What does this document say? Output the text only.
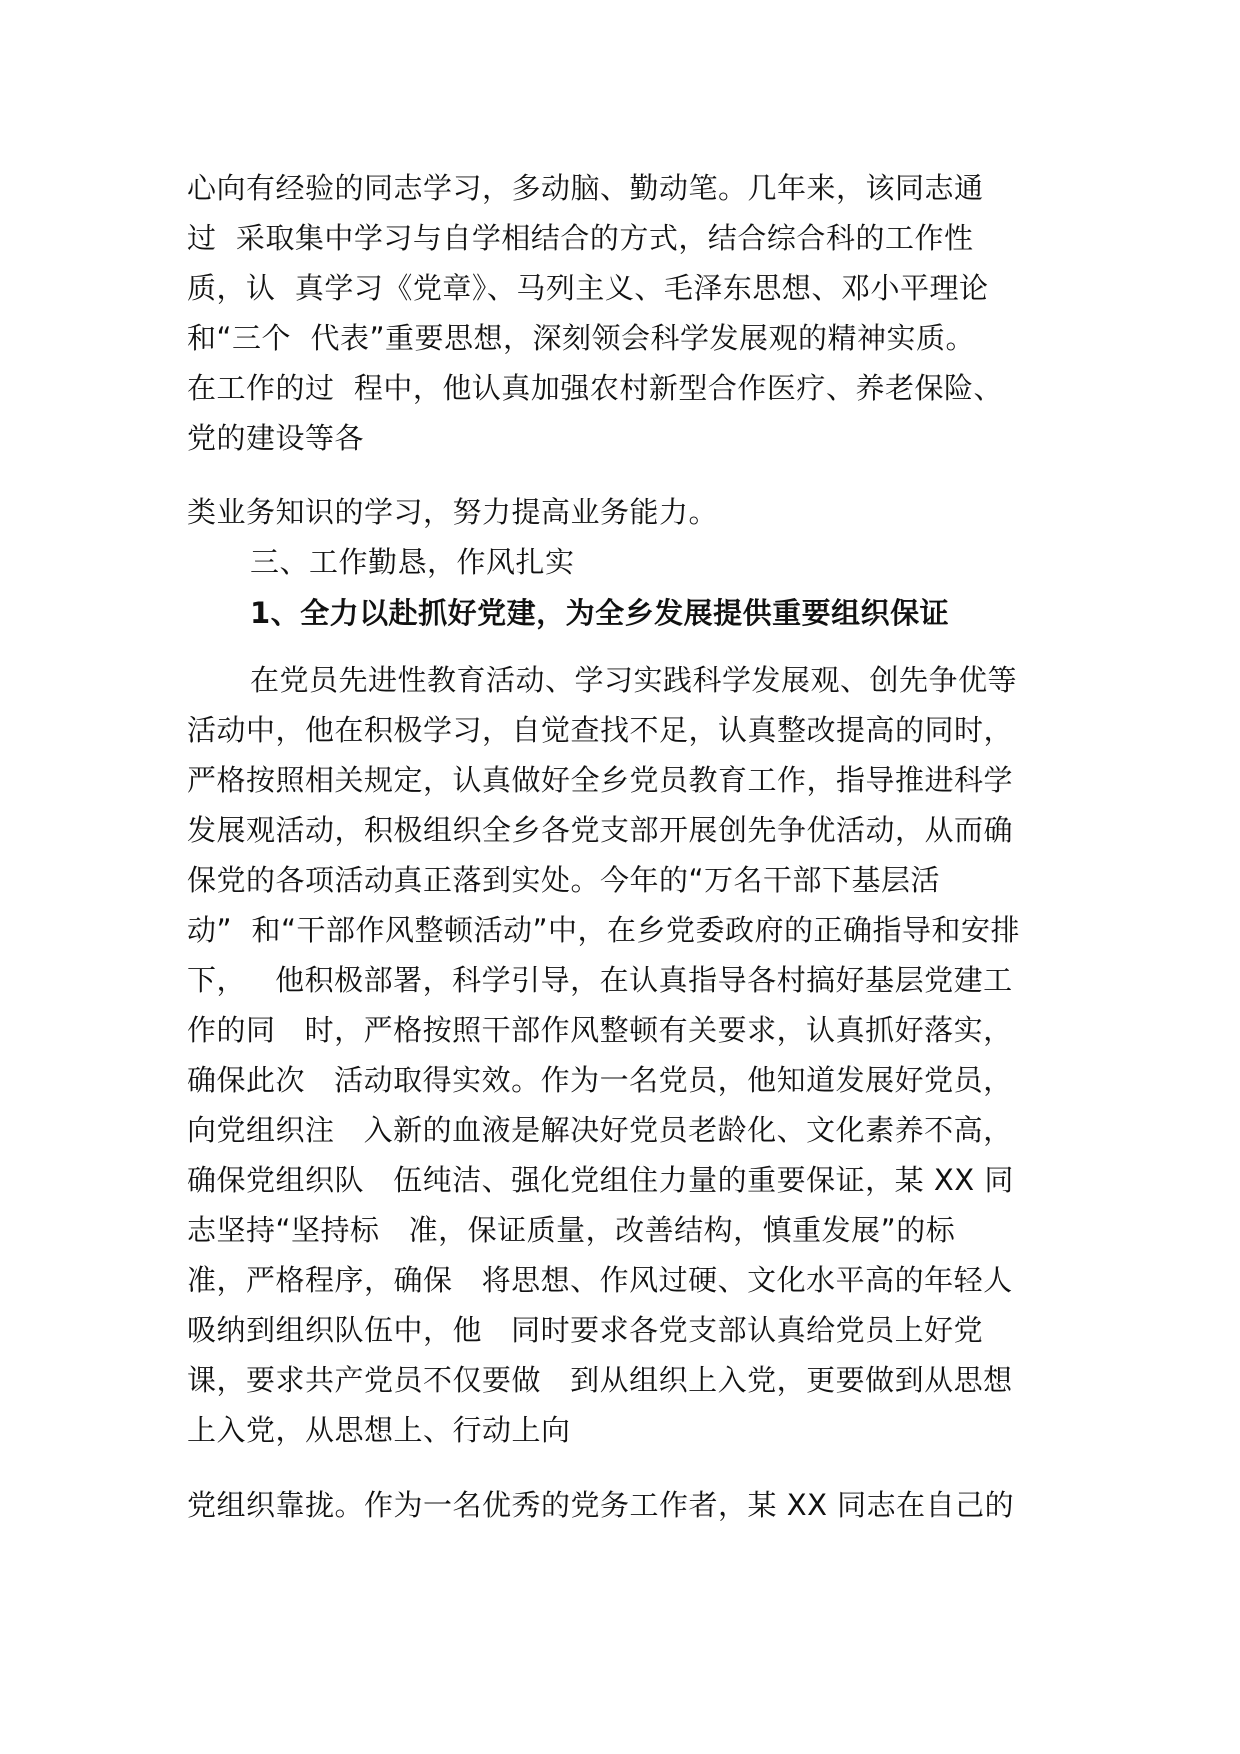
心向有经验的同志学习，多动脑、勤动笔。几年来，该同志通
过  采取集中学习与自学相结合的方式，结合综合科的工作性
质，认  真学习《党章》、马列主义、毛泽东思想、邓小平理论
和“三个  代表”重要思想，深刻领会科学发展观的精神实质。
在工作的过  程中，他认真加强农村新型合作医疗、养老保险、
党的建设等各
类业务知识的学习，努力提高业务能力。
三、工作勤恳，作风扎实
1、全力以赴抓好党建，为全乡发展提供重要组织保证
在党员先进性教育活动、学习实践科学发展观、创先争优等
活动中，他在积极学习，自觉查找不足，认真整改提高的同时，
严格按照相关规定，认真做好全乡党员教育工作，指导推进科学
发展观活动，积极组织全乡各党支部开展创先争优活动，从而确
保党的各项活动真正落到实处。今年的“万名干部下基层活
动”  和“干部作风整顿活动”中，在乡党委政府的正确指导和安排
下，   他积极部署，科学引导，在认真指导各村搞好基层党建工
作的同   时，严格按照干部作风整顿有关要求，认真抓好落实，
确保此次   活动取得实效。作为一名党员，他知道发展好党员，
向党组织注   入新的血液是解决好党员老龄化、文化素养不高，
确保党组织队   伍纯洁、强化党组住力量的重要保证，某 XX 同
志坚持“坚持标   准，保证质量，改善结构，慎重发展”的标
准，严格程序，确保   将思想、作风过硬、文化水平高的年轻人
吸纳到组织队伍中，他   同时要求各党支部认真给党员上好党
课，要求共产党员不仅要做   到从组织上入党，更要做到从思想
上入党，从思想上、行动上向
党组织靠拢。作为一名优秀的党务工作者，某 XX 同志在自己的
